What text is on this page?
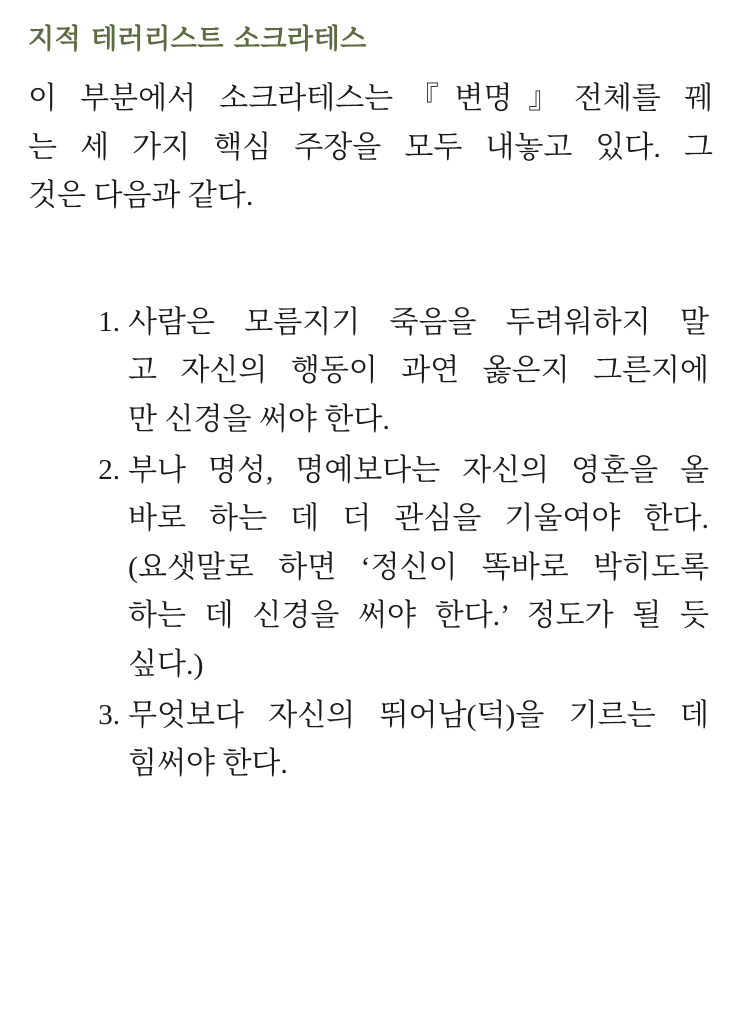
지적 테러리스트 소크라테스

이 부분에서 소크라테스는『변명』전체를 꿰
는 세 가지 핵심 주장을 모두 내놓고 있다. 그
것은 다음과 같다.

사람은 모름지기 죽음을 두려워하지 말
고 자신의 행동이 과연 옳은지 그른지에
만 신경을 써야 한다.
부나 명성, 명예보다는 자신의 영혼을 올
바로 하는 데 더 관심을 기울여야 한다.
(요샛말로 하면 ‘정신이 똑바로 박히도록
하는 데 신경을 써야 한다.’ 정도가 될 듯
싶다.)
무엇보다 자신의 뛰어남(덕)을 기르는 데
힘써야 한다.
